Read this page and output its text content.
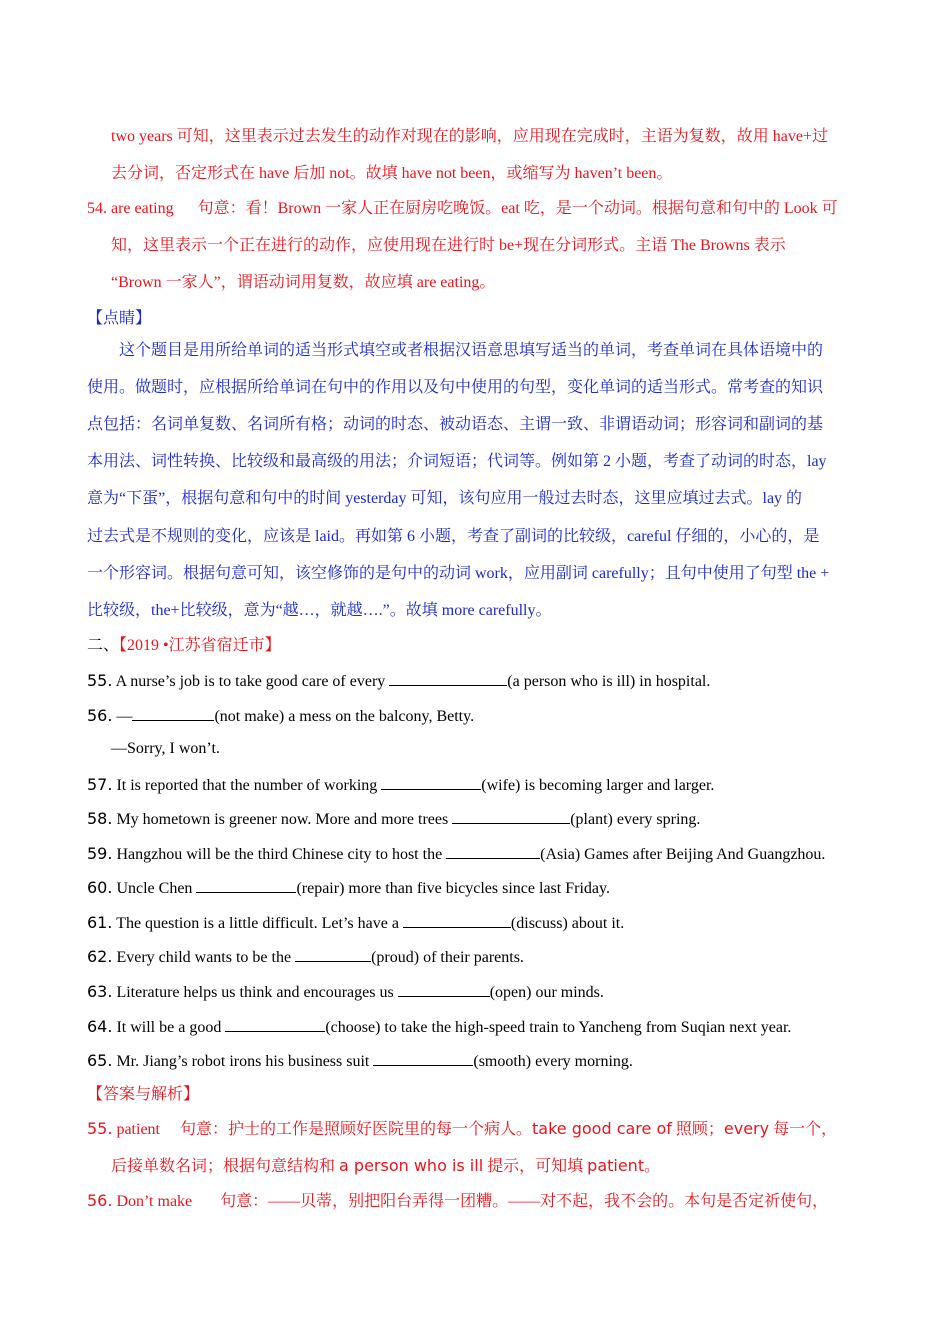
two years 可知，这里表示过去发生的动作对现在的影响，应用现在完成时，主语为复数，故用 have+过
去分词，否定形式在 have 后加 not。故填 have not been，或缩写为 haven’t been。
54. are eating 句意：看！Brown 一家人正在厨房吃晚饭。eat 吃，是一个动词。根据句意和句中的 Look 可
知，这里表示一个正在进行的动作，应使用现在进行时 be+现在分词形式。主语 The Browns 表示
“Brown 一家人”，谓语动词用复数，故应填 are eating。
【点睛】
这个题目是用所给单词的适当形式填空或者根据汉语意思填写适当的单词，考查单词在具体语境中的
使用。做题时，应根据所给单词在句中的作用以及句中使用的句型，变化单词的适当形式。常考查的知识
点包括：名词单复数、名词所有格；动词的时态、被动语态、主谓一致、非谓语动词；形容词和副词的基
本用法、词性转换、比较级和最高级的用法；介词短语；代词等。例如第 2 小题，考查了动词的时态，lay
意为“下蛋”，根据句意和句中的时间 yesterday 可知，该句应用一般过去时态，这里应填过去式。lay 的
过去式是不规则的变化，应该是 laid。再如第 6 小题，考查了副词的比较级，careful 仔细的，小心的，是
一个形容词。根据句意可知，该空修饰的是句中的动词 work，应用副词 carefully；且句中使用了句型 the +
比较级，the+比较级，意为“越…，就越….”。故填 more carefully。
二、【2019 •江苏省宿迁市】
55. A nurse’s job is to take good care of every	(a person who is ill) in hospital.
56. —	(not make) a mess on the balcony, Betty.
—Sorry, I won’t.
57. It is reported that the number of working	(wife) is becoming larger and larger.
58. My hometown is greener now. More and more trees	(plant) every spring.
59. Hangzhou will be the third Chinese city to host the	(Asia) Games after Beijing And Guangzhou.
60. Uncle Chen	(repair) more than five bicycles since last Friday.
61. The question is a little difficult. Let’s have a	(discuss) about it.
62. Every child wants to be the	(proud) of their parents.
63. Literature helps us think and encourages us	(open) our minds.
64. It will be a good	(choose) to take the high-speed train to Yancheng from Suqian next year.
65. Mr. Jiang’s robot irons his business suit	(smooth) every morning.
【答案与解析】
55. patient 句意：护士的工作是照顾好医院里的每一个病人。take good care of 照顾；every 每一个，
后接单数名词；根据句意结构和 a person who is ill 提示，可知填 patient。
56. Don’t make 句意：——贝蒂，别把阳台弄得一团糟。——对不起，我不会的。本句是否定祈使句，
